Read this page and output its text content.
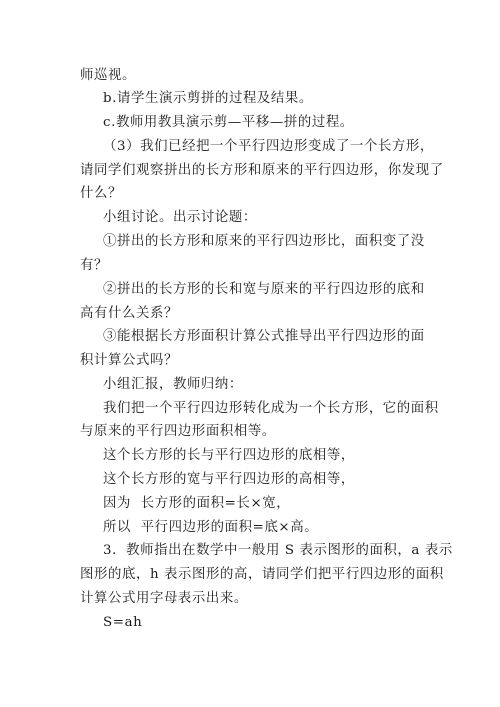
师巡视。
b.请学生演示剪拼的过程及结果。
c.教师用教具演示剪—平移—拼的过程。
（3）我们已经把一个平行四边形变成了一个长方形，
请同学们观察拼出的长方形和原来的平行四边形，你发现了
什么？
小组讨论。出示讨论题：
①拼出的长方形和原来的平行四边形比，面积变了没
有？
②拼出的长方形的长和宽与原来的平行四边形的底和
高有什么关系？
③能根据长方形面积计算公式推导出平行四边形的面
积计算公式吗？
小组汇报，教师归纳：
我们把一个平行四边形转化成为一个长方形，它的面积
与原来的平行四边形面积相等。
这个长方形的长与平行四边形的底相等，
这个长方形的宽与平行四边形的高相等，
因为  长方形的面积=长×宽，
所以  平行四边形的面积=底×高。
3．教师指出在数学中一般用 S 表示图形的面积，a 表示
图形的底，h 表示图形的高，请同学们把平行四边形的面积
计算公式用字母表示出来。
S=ah
